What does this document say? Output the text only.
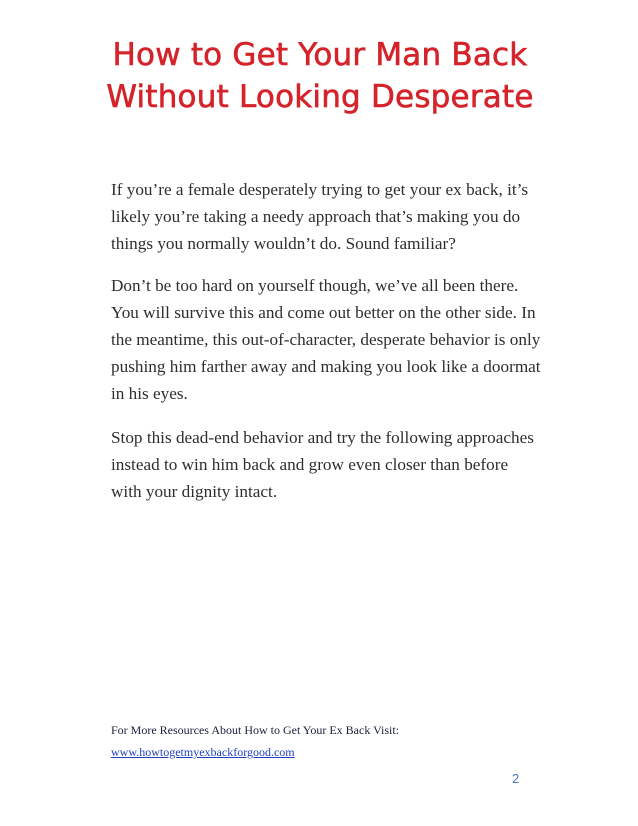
How to Get Your Man Back Without Looking Desperate

If you’re a female desperately trying to get your ex back, it’s likely you’re taking a needy approach that’s making you do things you normally wouldn’t do. Sound familiar?

Don’t be too hard on yourself though, we’ve all been there. You will survive this and come out better on the other side. In the meantime, this out-of-character, desperate behavior is only pushing him farther away and making you look like a doormat in his eyes.

Stop this dead-end behavior and try the following approaches instead to win him back and grow even closer than before with your dignity intact.

For More Resources About How to Get Your Ex Back Visit:

www.howtogetmyexbackforgood.com
2
